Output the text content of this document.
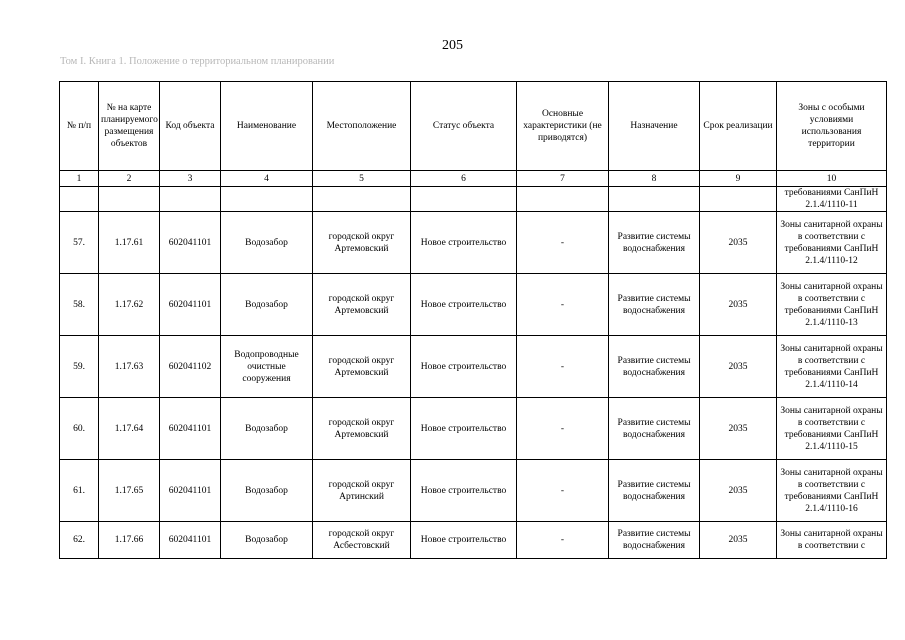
205
Том I. Книга 1. Положение о территориальном планировании
№ п/п	№ на карте планируемого размещения объектов	Код объекта	Наименование	Местоположение	Статус объекта	Основные характеристики (не приводятся)	Назначение	Срок реализации	Зоны с особыми условиями использования территории
1	2	3	4	5	6	7	8	9	10
									требованиями СанПиН 2.1.4/1110-11
57.	1.17.61	602041101	Водозабор	городской округ Артемовский	Новое строительство	-	Развитие системы водоснабжения	2035	Зоны санитарной охраны в соответствии с требованиями СанПиН 2.1.4/1110-12
58.	1.17.62	602041101	Водозабор	городской округ Артемовский	Новое строительство	-	Развитие системы водоснабжения	2035	Зоны санитарной охраны в соответствии с требованиями СанПиН 2.1.4/1110-13
59.	1.17.63	602041102	Водопроводные очистные сооружения	городской округ Артемовский	Новое строительство	-	Развитие системы водоснабжения	2035	Зоны санитарной охраны в соответствии с требованиями СанПиН 2.1.4/1110-14
60.	1.17.64	602041101	Водозабор	городской округ Артемовский	Новое строительство	-	Развитие системы водоснабжения	2035	Зоны санитарной охраны в соответствии с требованиями СанПиН 2.1.4/1110-15
61.	1.17.65	602041101	Водозабор	городской округ Артинский	Новое строительство	-	Развитие системы водоснабжения	2035	Зоны санитарной охраны в соответствии с требованиями СанПиН 2.1.4/1110-16
62.	1.17.66	602041101	Водозабор	городской округ Асбестовский	Новое строительство	-	Развитие системы водоснабжения	2035	Зоны санитарной охраны в соответствии с
